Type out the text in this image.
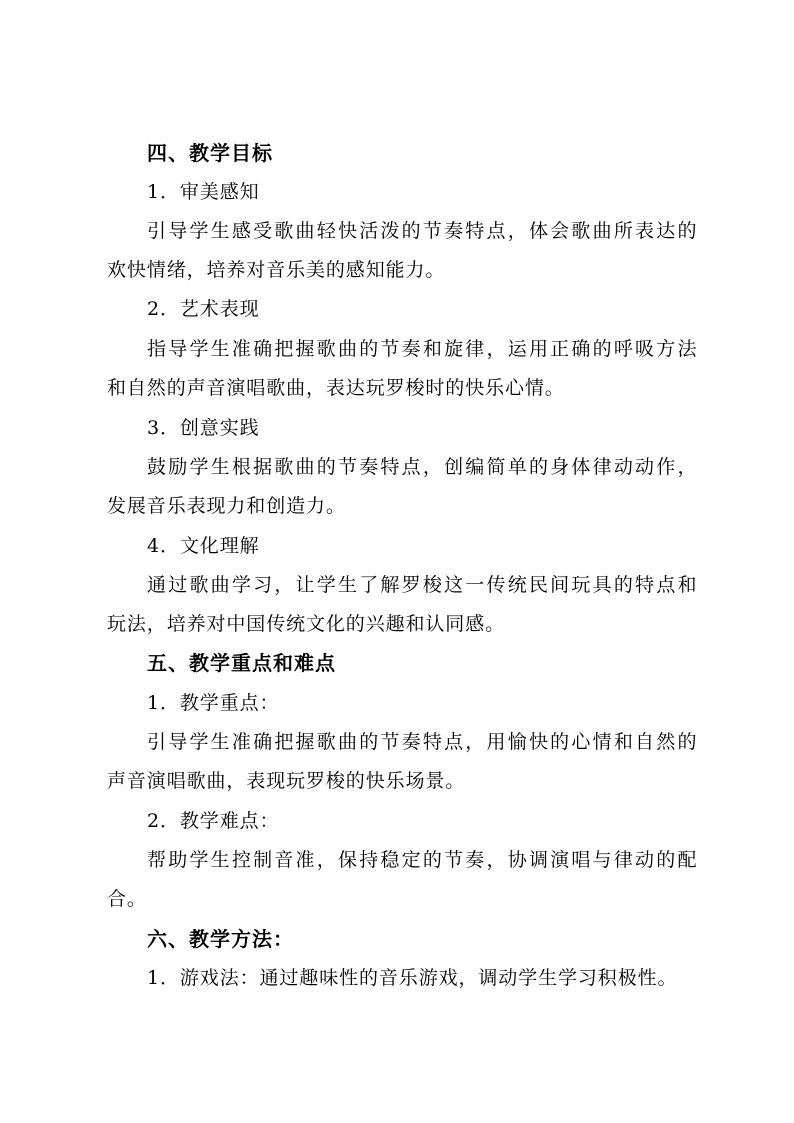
四、教学目标
1．审美感知
引导学生感受歌曲轻快活泼的节奏特点，体会歌曲所表达的
欢快情绪，培养对音乐美的感知能力。
2．艺术表现
指导学生准确把握歌曲的节奏和旋律，运用正确的呼吸方法
和自然的声音演唱歌曲，表达玩罗梭时的快乐心情。
3．创意实践
鼓励学生根据歌曲的节奏特点，创编简单的身体律动动作，
发展音乐表现力和创造力。
4．文化理解
通过歌曲学习，让学生了解罗梭这一传统民间玩具的特点和
玩法，培养对中国传统文化的兴趣和认同感。
五、教学重点和难点
1．教学重点：
引导学生准确把握歌曲的节奏特点，用愉快的心情和自然的
声音演唱歌曲，表现玩罗梭的快乐场景。
2．教学难点：
帮助学生控制音准，保持稳定的节奏，协调演唱与律动的配
合。
六、教学方法：
1．游戏法：通过趣味性的音乐游戏，调动学生学习积极性。
